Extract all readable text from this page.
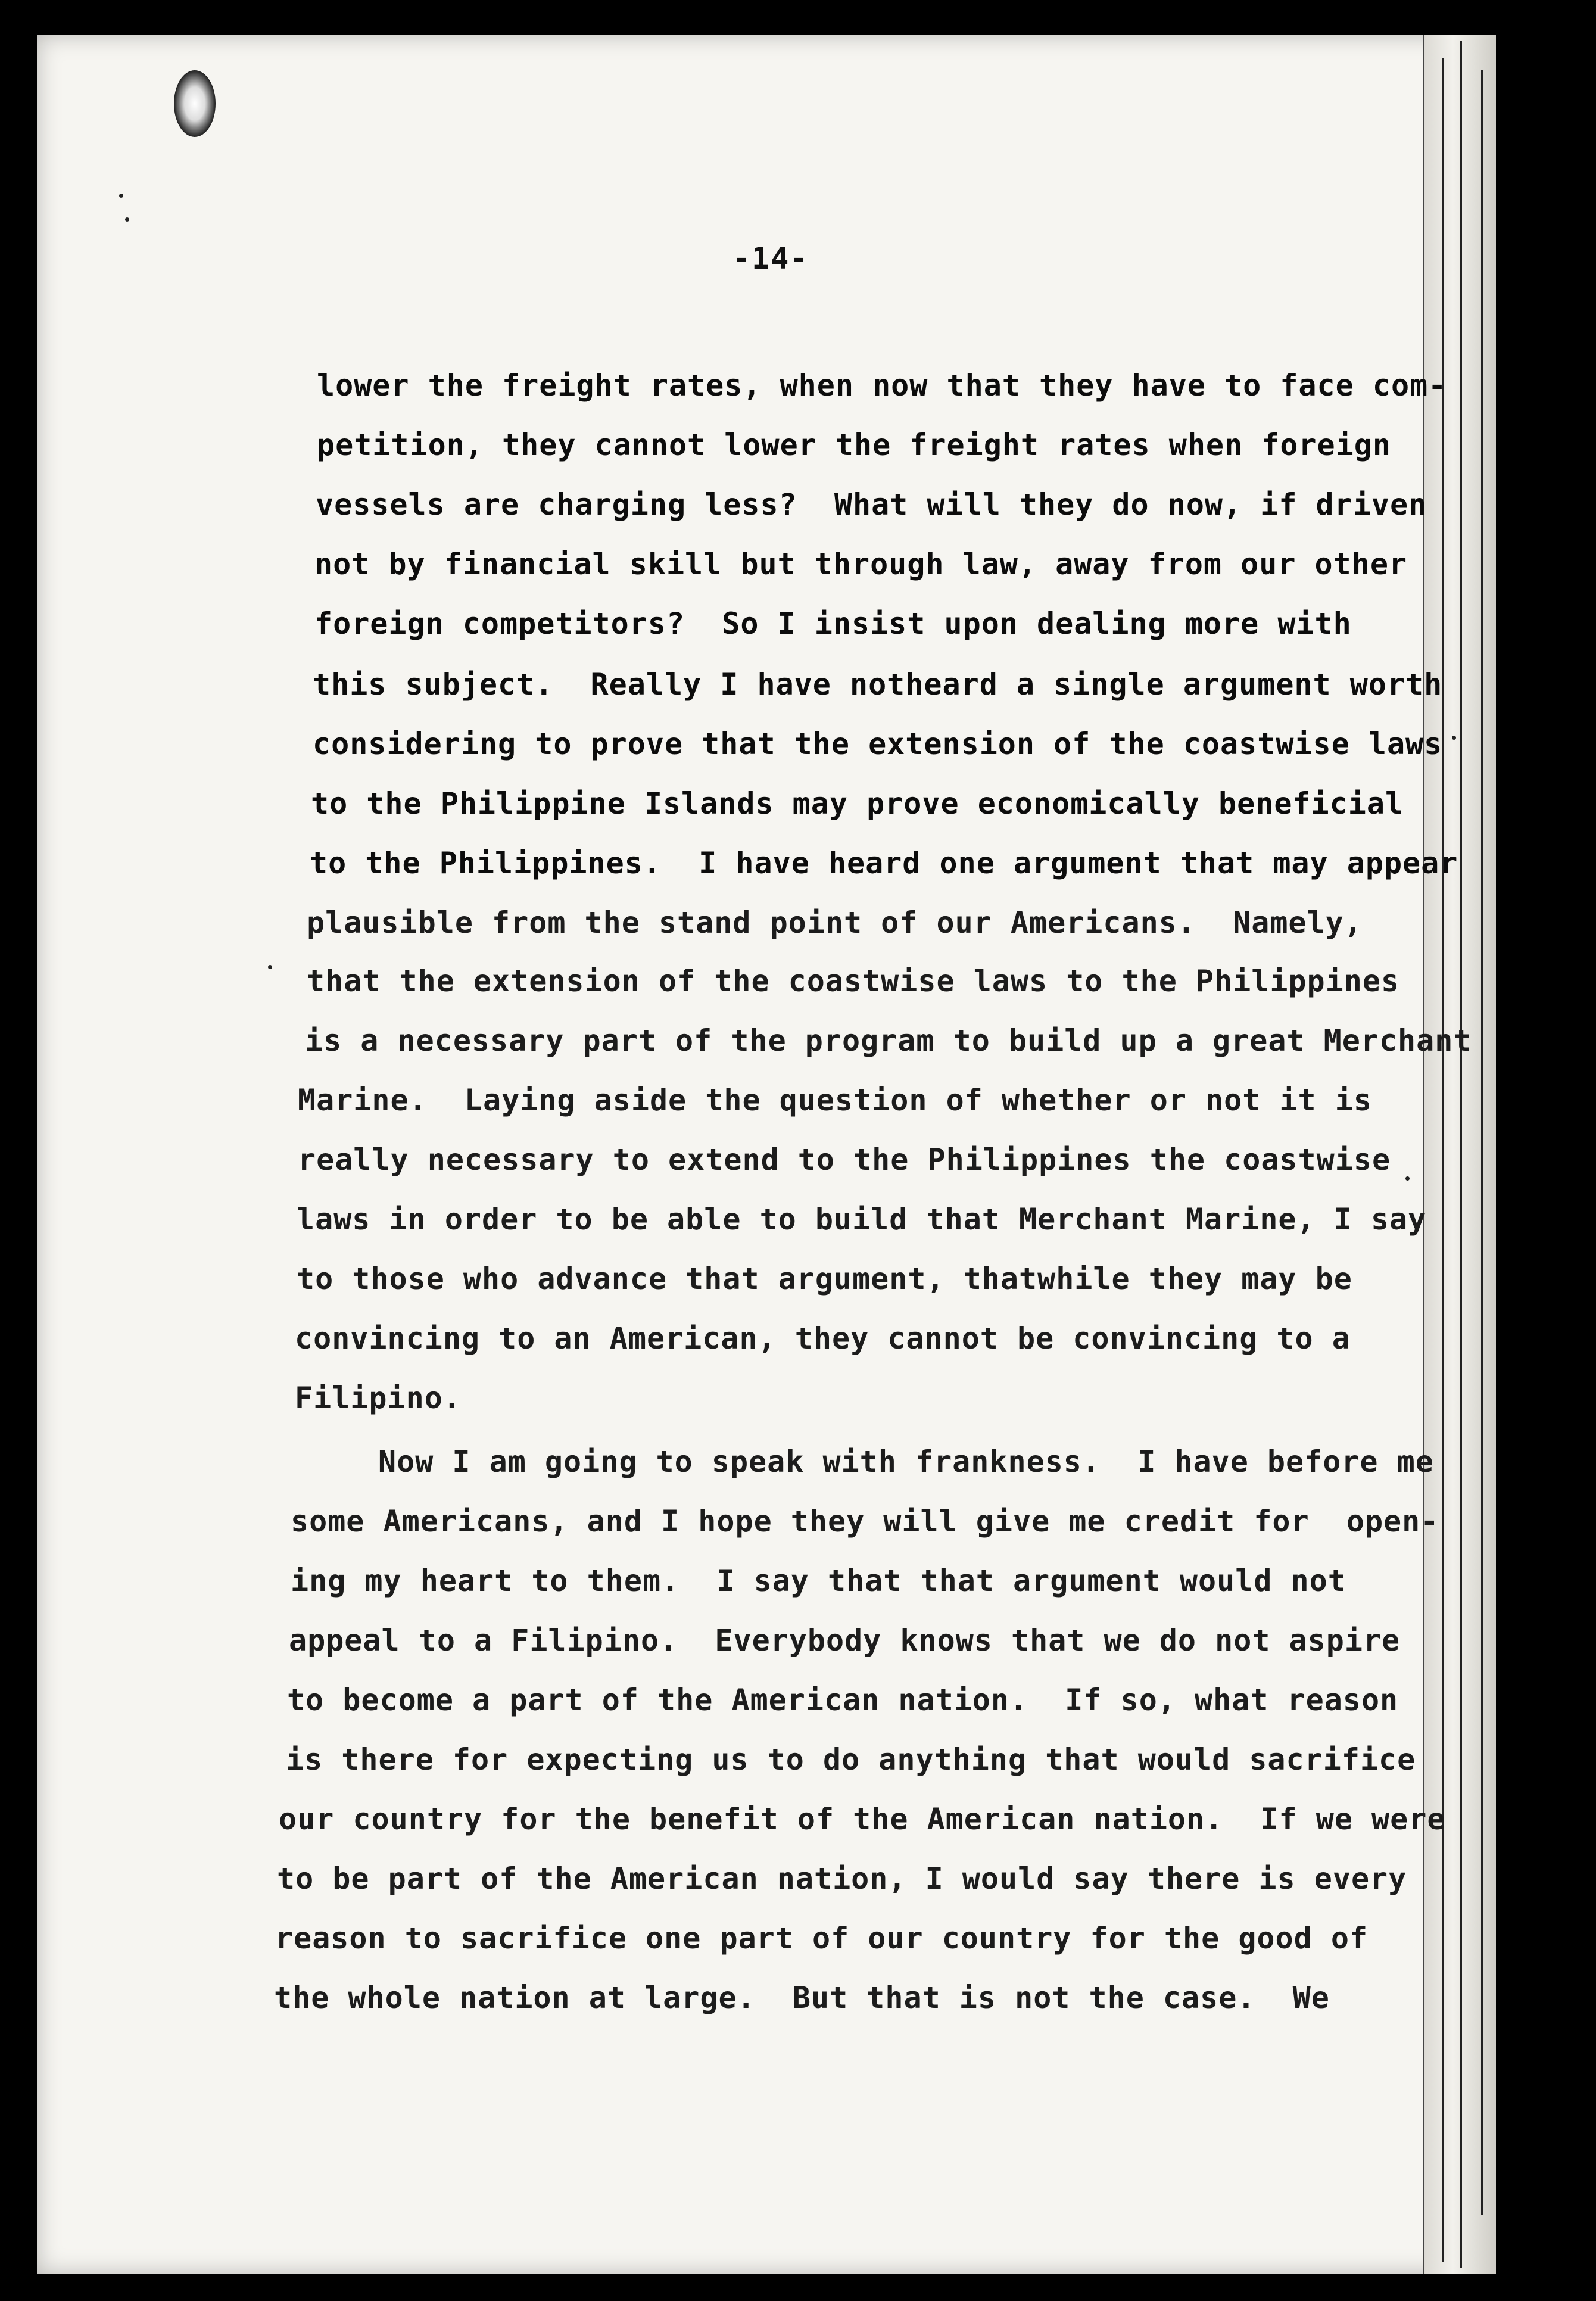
-14-
lower the freight rates, when now that they have to face com-
petition, they cannot lower the freight rates when foreign
vessels are charging less?  What will they do now, if driven
not by financial skill but through law, away from our other
foreign competitors?  So I insist upon dealing more with
this subject.  Really I have notheard a single argument worth
considering to prove that the extension of the coastwise laws
to the Philippine Islands may prove economically beneficial
to the Philippines.  I have heard one argument that may appear
plausible from the stand point of our Americans.  Namely,
that the extension of the coastwise laws to the Philippines
is a necessary part of the program to build up a great Merchant
Marine.  Laying aside the question of whether or not it is
really necessary to extend to the Philippines the coastwise
laws in order to be able to build that Merchant Marine, I say
to those who advance that argument, thatwhile they may be
convincing to an American, they cannot be convincing to a
Filipino.
Now I am going to speak with frankness.  I have before me
some Americans, and I hope they will give me credit for  open-
ing my heart to them.  I say that that argument would not
appeal to a Filipino.  Everybody knows that we do not aspire
to become a part of the American nation.  If so, what reason
is there for expecting us to do anything that would sacrifice
our country for the benefit of the American nation.  If we were
to be part of the American nation, I would say there is every
reason to sacrifice one part of our country for the good of
the whole nation at large.  But that is not the case.  We
